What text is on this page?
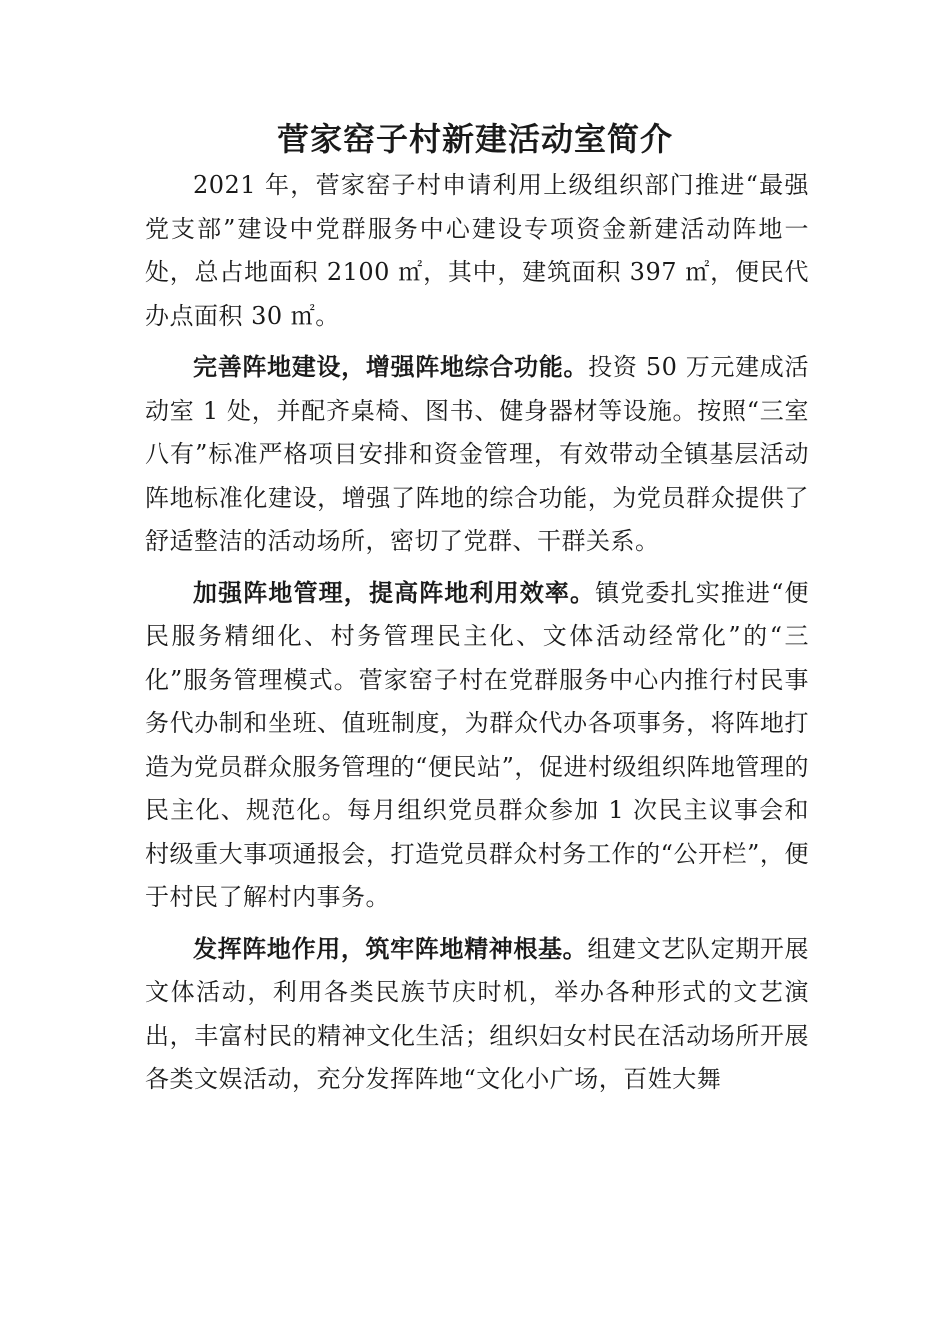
菅家窑子村新建活动室简介

2021 年，菅家窑子村申请利用上级组织部门推进“最强党支部”建设中党群服务中心建设专项资金新建活动阵地一处，总占地面积 2100 ㎡，其中，建筑面积 397 ㎡，便民代办点面积 30 ㎡。

完善阵地建设，增强阵地综合功能。投资 50 万元建成活动室 1 处，并配齐桌椅、图书、健身器材等设施。按照“三室八有”标准严格项目安排和资金管理，有效带动全镇基层活动阵地标准化建设，增强了阵地的综合功能，为党员群众提供了舒适整洁的活动场所，密切了党群、干群关系。

加强阵地管理，提高阵地利用效率。镇党委扎实推进“便民服务精细化、村务管理民主化、文体活动经常化”的“三化”服务管理模式。菅家窑子村在党群服务中心内推行村民事务代办制和坐班、值班制度，为群众代办各项事务，将阵地打造为党员群众服务管理的“便民站”，促进村级组织阵地管理的民主化、规范化。每月组织党员群众参加 1 次民主议事会和村级重大事项通报会，打造党员群众村务工作的“公开栏”，便于村民了解村内事务。

发挥阵地作用，筑牢阵地精神根基。组建文艺队定期开展文体活动，利用各类民族节庆时机，举办各种形式的文艺演出，丰富村民的精神文化生活；组织妇女村民在活动场所开展各类文娱活动，充分发挥阵地“文化小广场，百姓大舞
